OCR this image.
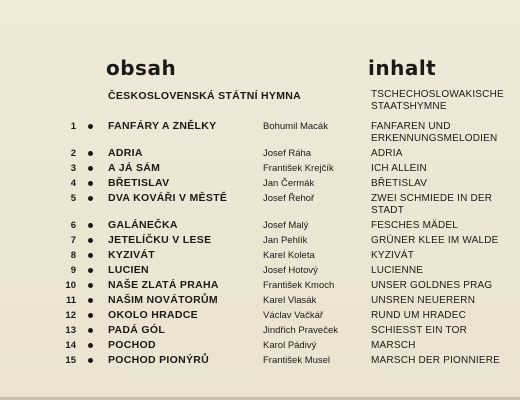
obsah	inhalt
ČESKOSLOVENSKÁ STÁTNÍ HYMNA	TSCHECHOSLOWAKISCHE STAATSHYMNE
1	FANFÁRY A ZNĚLKY	Bohumil Macák	FANFAREN UND ERKENNUNGSMELODIEN
2	ADRIA	Josef Ráha	ADRIA
3	A JÁ SÁM	František Krejčík	ICH ALLEIN
4	BŘETISLAV	Jan Čermák	BŘETISLAV
5	DVA KOVÁŘI V MĚSTĚ	Josef Řehoř	ZWEI SCHMIEDE IN DER STADT
6	GALÁNEČKA	Josef Malý	FESCHES MÄDEL
7	JETELÍČKU V LESE	Jan Pehlík	GRÜNER KLEE IM WALDE
8	KYZIVÁT	Karel Koleta	KYZIVÁT
9	LUCIEN	Josef Hotový	LUCIENNE
10	NAŠE ZLATÁ PRAHA	František Kmoch	UNSER GOLDNES PRAG
11	NAŠIM NOVÁTORŮM	Karel Vlasák	UNSREN NEUERERN
12	OKOLO HRADCE	Václav Vačkář	RUND UM HRADEC
13	PADÁ GÓL	Jindřich Praveček	SCHIESST EIN TOR
14	POCHOD	Karol Pádivý	MARSCH
15	POCHOD PIONÝRŮ	František Musel	MARSCH DER PIONNIERE
